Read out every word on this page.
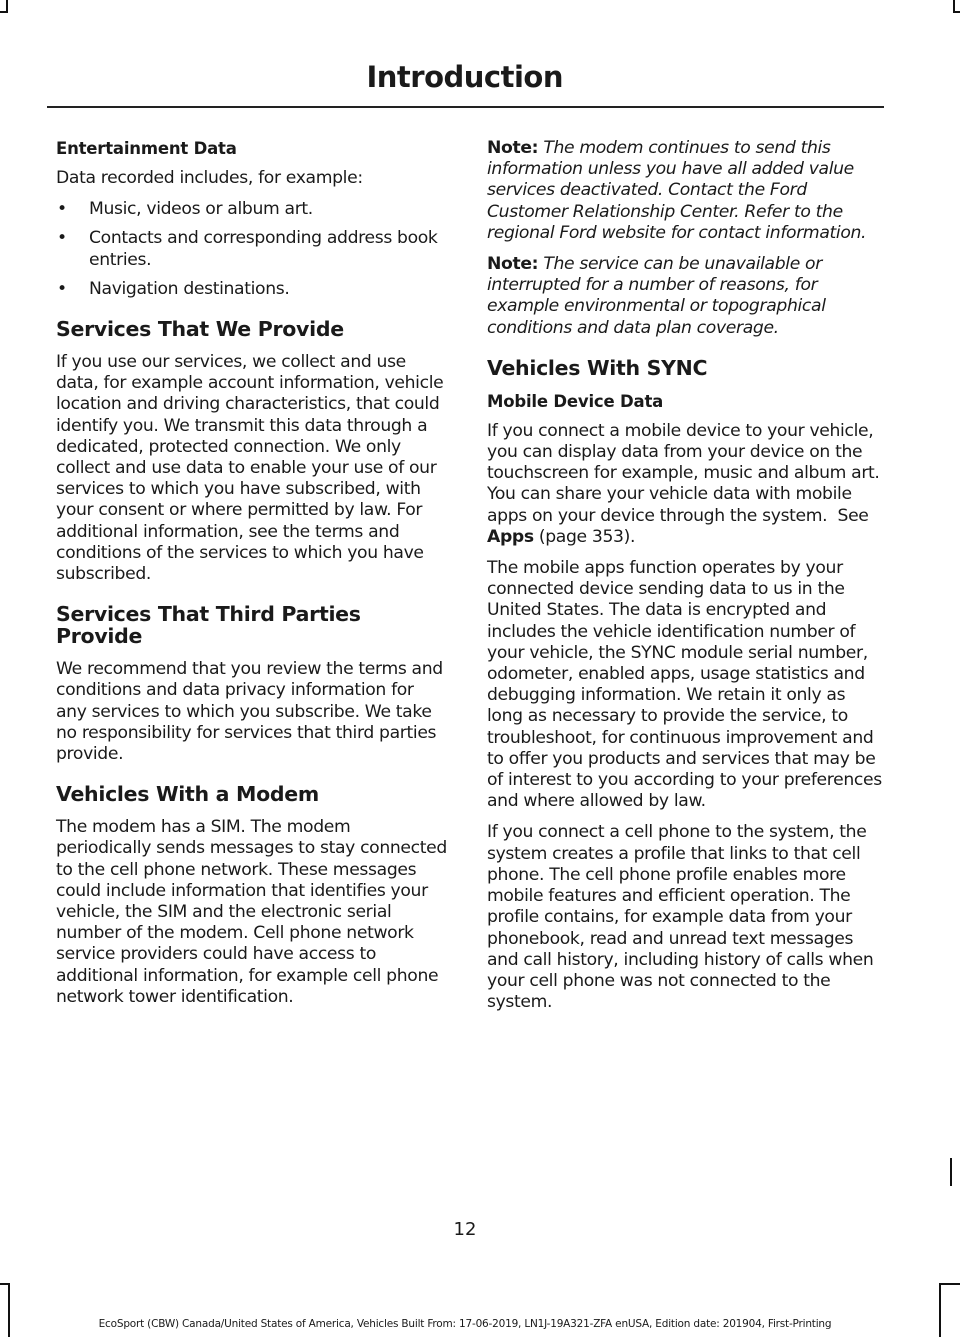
Introduction
Entertainment Data

Data recorded includes, for example:

• Music, videos or album art.
• Contacts and corresponding address book entries.
• Navigation destinations.
Services That We Provide

If you use our services, we collect and use data, for example account information, vehicle location and driving characteristics, that could identify you. We transmit this data through a dedicated, protected connection. We only collect and use data to enable your use of our services to which you have subscribed, with your consent or where permitted by law. For additional information, see the terms and conditions of the services to which you have subscribed.

Services That Third Parties Provide

We recommend that you review the terms and conditions and data privacy information for any services to which you subscribe. We take no responsibility for services that third parties provide.

Vehicles With a Modem

The modem has a SIM. The modem periodically sends messages to stay connected to the cell phone network. These messages could include information that identifies your vehicle, the SIM and the electronic serial number of the modem. Cell phone network service providers could have access to additional information, for example cell phone network tower identification.

Note: The modem continues to send this information unless you have all added value services deactivated. Contact the Ford Customer Relationship Center. Refer to the regional Ford website for contact information.

Note: The service can be unavailable or interrupted for a number of reasons, for example environmental or topographical conditions and data plan coverage.

Vehicles With SYNC
Mobile Device Data

If you connect a mobile device to your vehicle, you can display data from your device on the touchscreen for example, music and album art. You can share your vehicle data with mobile apps on your device through the system.  See Apps (page 353).

The mobile apps function operates by your connected device sending data to us in the United States. The data is encrypted and includes the vehicle identification number of your vehicle, the SYNC module serial number, odometer, enabled apps, usage statistics and debugging information. We retain it only as long as necessary to provide the service, to troubleshoot, for continuous improvement and to offer you products and services that may be of interest to you according to your preferences and where allowed by law.

If you connect a cell phone to the system, the system creates a profile that links to that cell phone. The cell phone profile enables more mobile features and efficient operation. The profile contains, for example data from your phonebook, read and unread text messages and call history, including history of calls when your cell phone was not connected to the system.

12
EcoSport (CBW) Canada/United States of America, Vehicles Built From: 17-06-2019, LN1J-19A321-ZFA enUSA, Edition date: 201904, First-Printing
